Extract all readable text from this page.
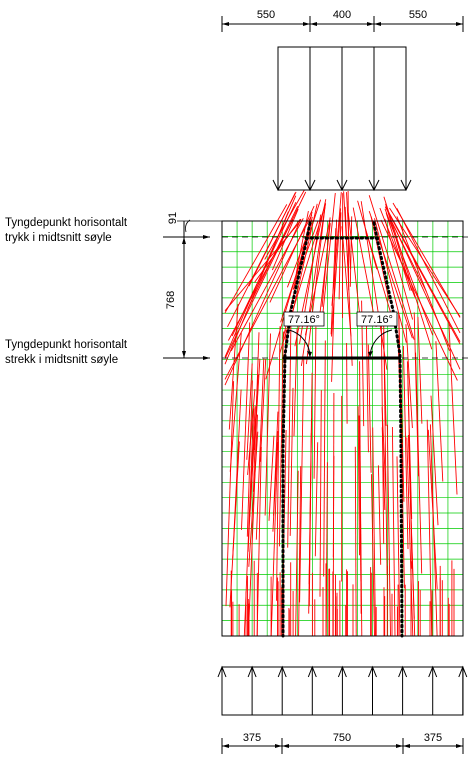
550	400	550
375	750	375
768
91
Tyngdepunkt horisontalt
trykk i midtsnitt søyle
Tyngdepunkt horisontalt
strekk i midtsnitt søyle
77.16°	77.16°
